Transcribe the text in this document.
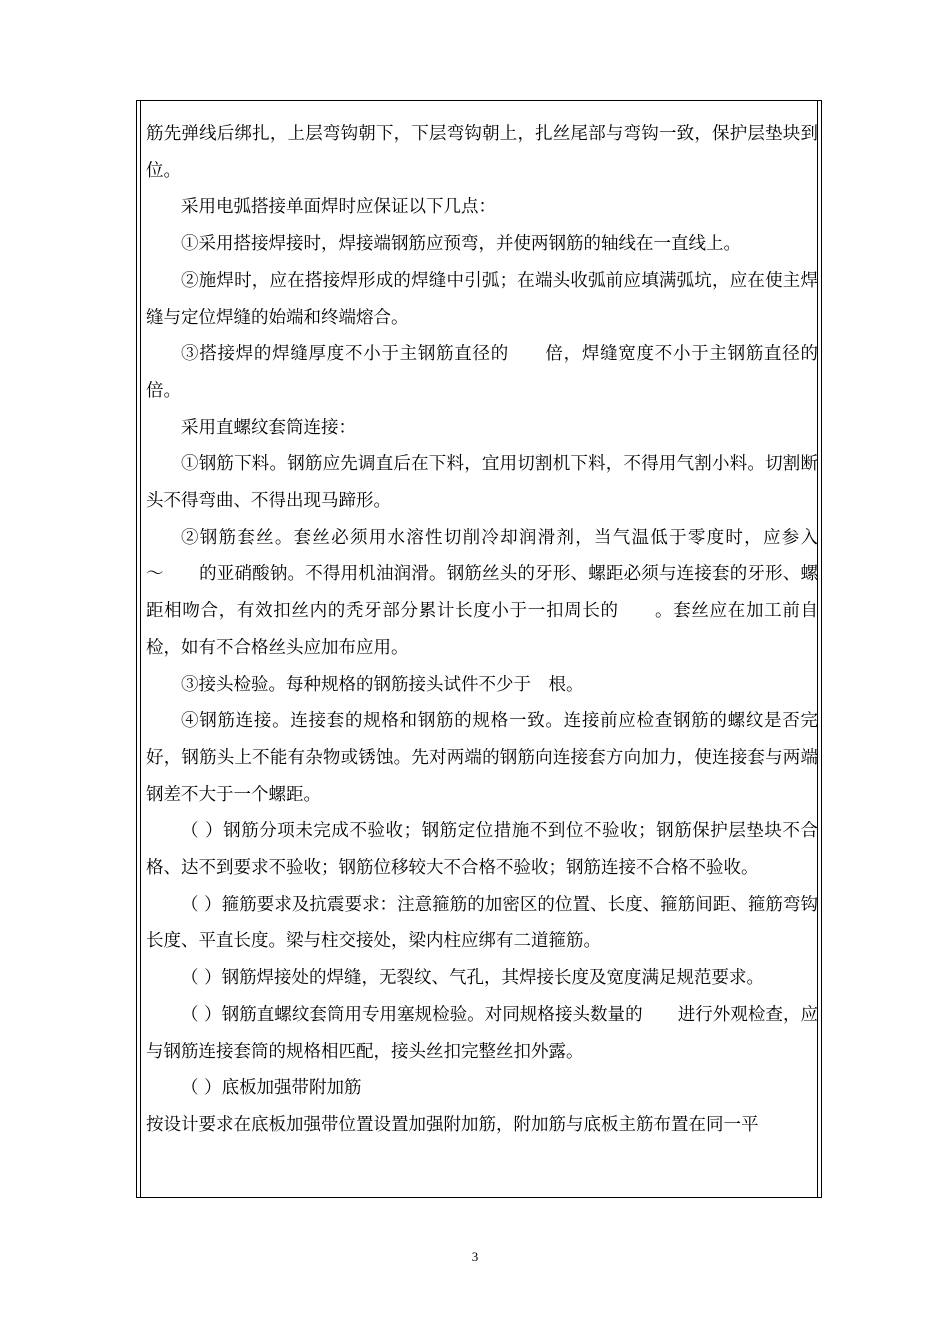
筋先弹线后绑扎，上层弯钩朝下，下层弯钩朝上，扎丝尾部与弯钩一致，保护层垫块到位。

采用电弧搭接单面焊时应保证以下几点：

①采用搭接焊接时，焊接端钢筋应预弯，并使两钢筋的轴线在一直线上。

②施焊时，应在搭接焊形成的焊缝中引弧；在端头收弧前应填满弧坑，应在使主焊缝与定位焊缝的始端和终端熔合。

③搭接焊的焊缝厚度不小于主钢筋直径的　　倍，焊缝宽度不小于主钢筋直径的　　倍。

采用直螺纹套筒连接：

①钢筋下料。钢筋应先调直后在下料，宜用切割机下料，不得用气割小料。切割断头不得弯曲、不得出现马蹄形。

②钢筋套丝。套丝必须用水溶性切削冷却润滑剂，当气温低于零度时，应参入　　～　　的亚硝酸钠。不得用机油润滑。钢筋丝头的牙形、螺距必须与连接套的牙形、螺距相吻合，有效扣丝内的秃牙部分累计长度小于一扣周长的　　。套丝应在加工前自检，如有不合格丝头应加布应用。

③接头检验。每种规格的钢筋接头试件不少于　根。

④钢筋连接。连接套的规格和钢筋的规格一致。连接前应检查钢筋的螺纹是否完好，钢筋头上不能有杂物或锈蚀。先对两端的钢筋向连接套方向加力，使连接套与两端钢差不大于一个螺距。

（ ）钢筋分项未完成不验收；钢筋定位措施不到位不验收；钢筋保护层垫块不合格、达不到要求不验收；钢筋位移较大不合格不验收；钢筋连接不合格不验收。

（ ）箍筋要求及抗震要求：注意箍筋的加密区的位置、长度、箍筋间距、箍筋弯钩长度、平直长度。梁与柱交接处，梁内柱应绑有二道箍筋。

（ ）钢筋焊接处的焊缝，无裂纹、气孔，其焊接长度及宽度满足规范要求。

（ ）钢筋直螺纹套筒用专用塞规检验。对同规格接头数量的　　进行外观检查，应与钢筋连接套筒的规格相匹配，接头丝扣完整丝扣外露。

（ ）底板加强带附加筋

按设计要求在底板加强带位置设置加强附加筋，附加筋与底板主筋布置在同一平

3
